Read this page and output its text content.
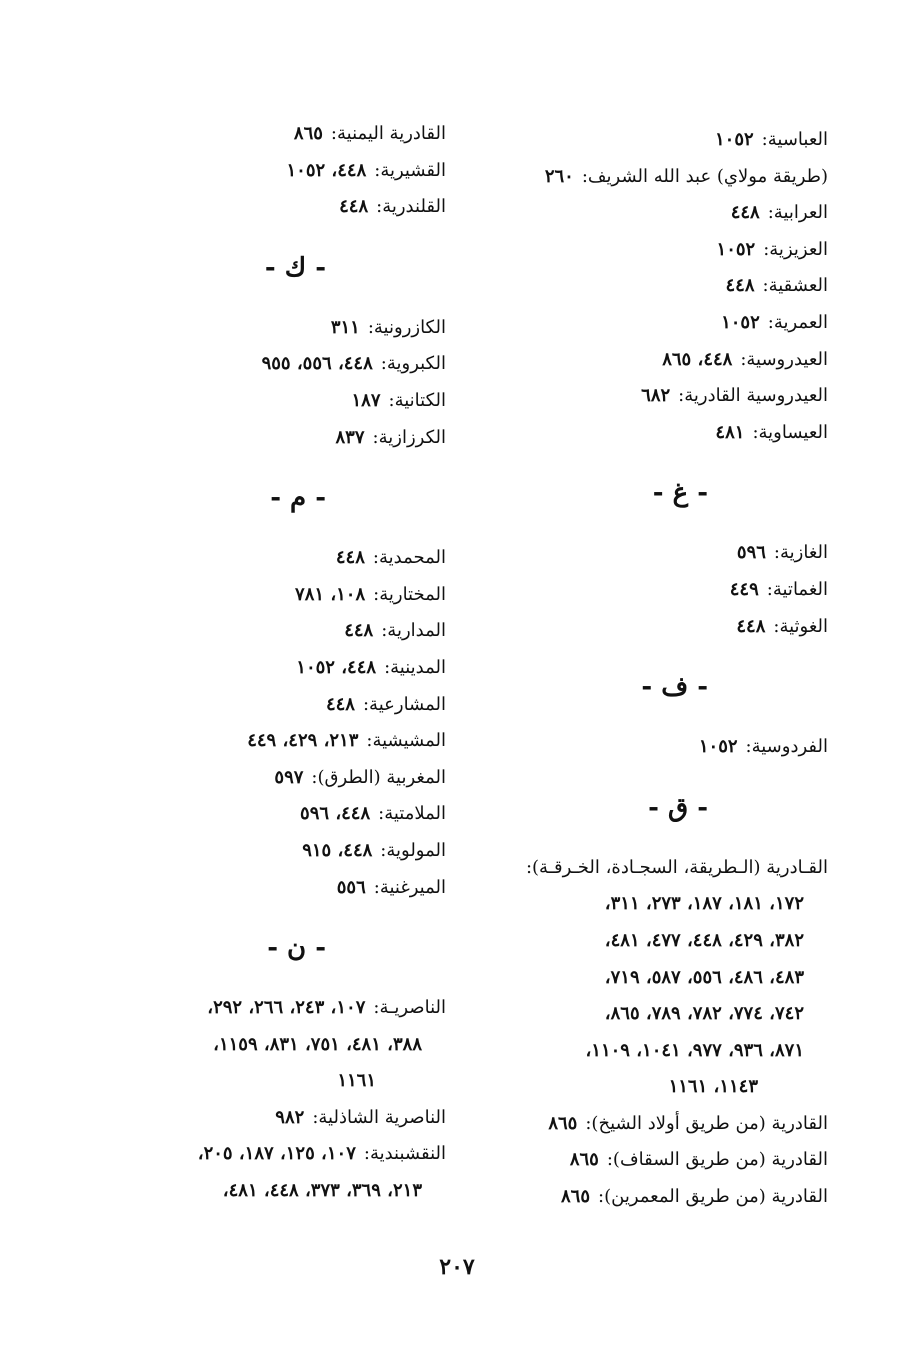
العباسية:١٠٥٢
(طريقة مولاي) عبد الله الشريف:٢٦٠
العرابية:٤٤٨
العزيزية:١٠٥٢
العشقية:٤٤٨
العمرية:١٠٥٢
العيدروسية:٤٤٨، ٨٦٥
العيدروسية القادرية:٦٨٢
العيساوية:٤٨١
- غ -
الغازية:٥٩٦
الغماتية:٤٤٩
الغوثية:٤٤٨
- ف -
الفردوسية:١٠٥٢
- ق -
القـادرية (الـطريقة، السجـادة، الخـرقـة):
١٧٢، ١٨١، ١٨٧، ٢٧٣، ٣١١،
٣٨٢، ٤٢٩، ٤٤٨، ٤٧٧، ٤٨١،
٤٨٣، ٤٨٦، ٥٥٦، ٥٨٧، ٧١٩،
٧٤٢، ٧٧٤، ٧٨٢، ٧٨٩، ٨٦٥،
٨٧١، ٩٣٦، ٩٧٧، ١٠٤١، ١١٠٩،
١١٤٣، ١١٦١
القادرية (من طريق أولاد الشيخ):٨٦٥
القادرية (من طريق السقاف):٨٦٥
القادرية (من طريق المعمرين):٨٦٥
القادرية اليمنية:٨٦٥
القشيرية:٤٤٨، ١٠٥٢
القلندرية:٤٤٨
- ك -
الكازرونية:٣١١
الكبروية:٤٤٨، ٥٥٦، ٩٥٥
الكتانية:١٨٧
الكرزازية:٨٣٧
- م -
المحمدية:٤٤٨
المختارية:١٠٨، ٧٨١
المدارية:٤٤٨
المدينية:٤٤٨، ١٠٥٢
المشارعية:٤٤٨
المشيشية:٢١٣، ٤٢٩، ٤٤٩
المغربية (الطرق):٥٩٧
الملامتية:٤٤٨، ٥٩٦
المولوية:٤٤٨، ٩١٥
الميرغنية:٥٥٦
- ن -
الناصريـة:١٠٧، ٢٤٣، ٢٦٦، ٢٩٢،
٣٨٨، ٤٨١، ٧٥١، ٨٣١، ١١٥٩،
١١٦١
الناصرية الشاذلية:٩٨٢
النقشبندية:١٠٧، ١٢٥، ١٨٧، ٢٠٥،
٢١٣، ٣٦٩، ٣٧٣، ٤٤٨، ٤٨١،
٢٠٧
